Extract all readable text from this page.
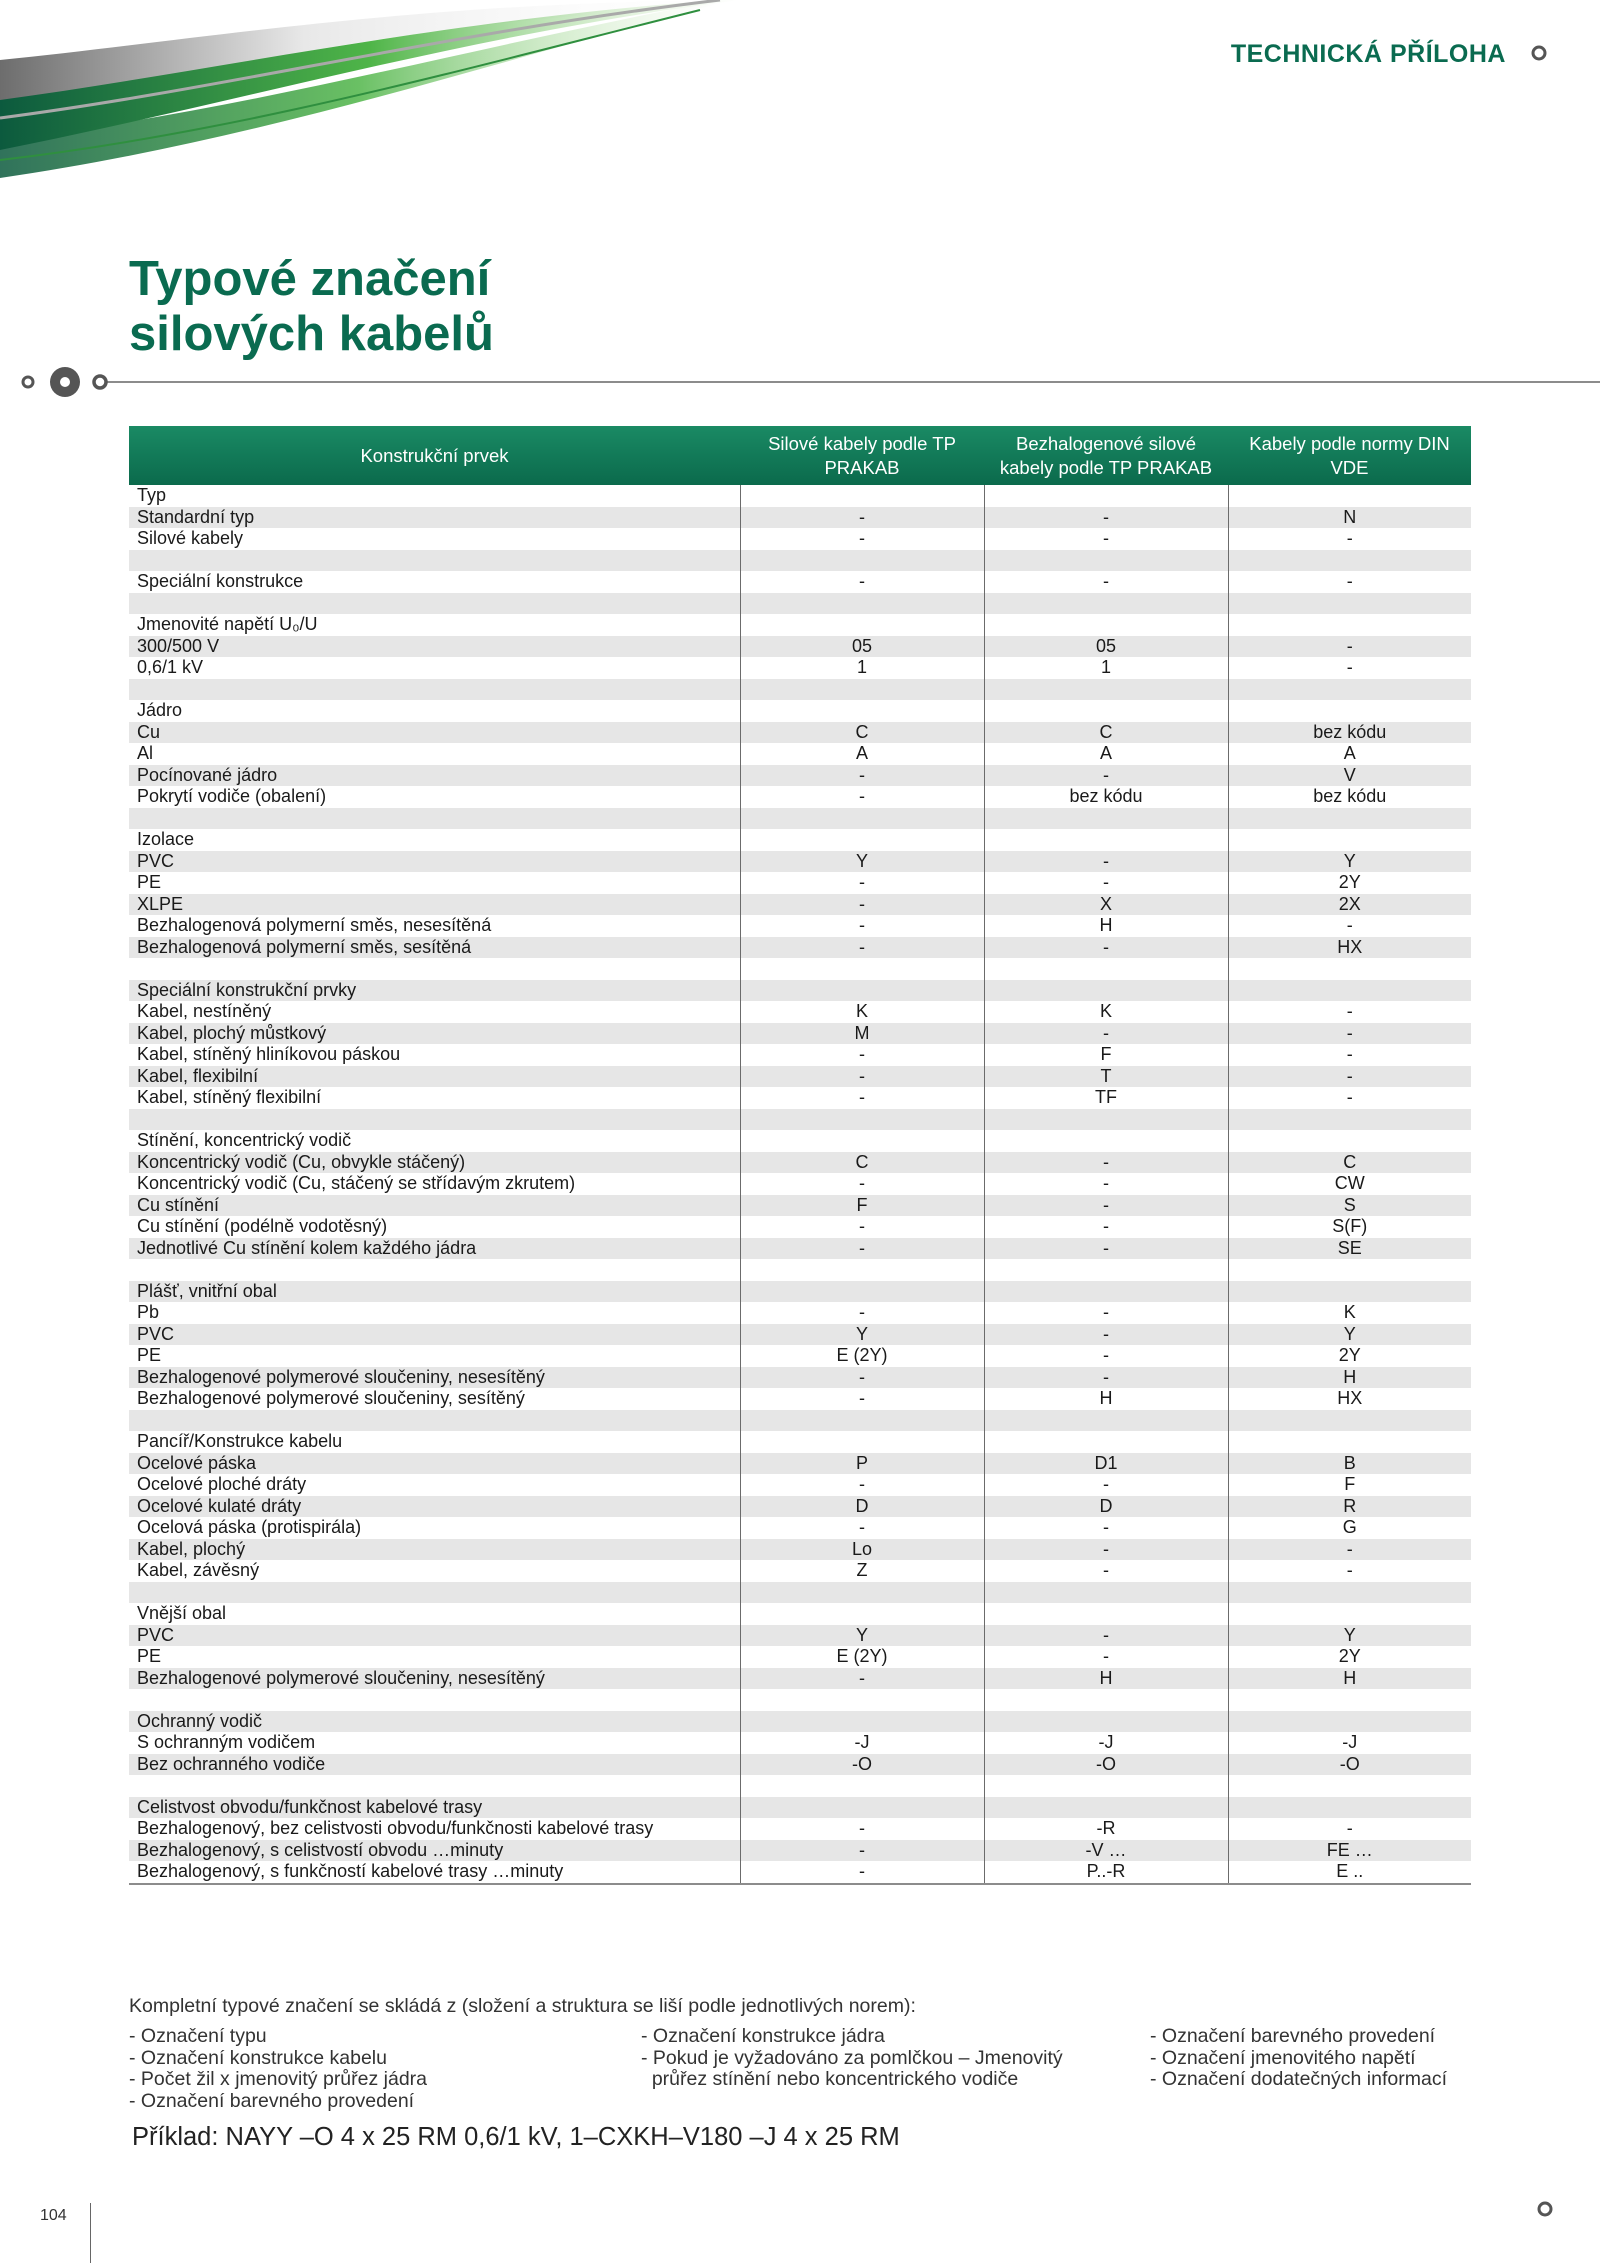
TECHNICKÁ PŘÍLOHA
Typové značení
silových kabelů
Konstrukční prvek	Silové kabely podle TP PRAKAB	Bezhalogenové silové kabely podle TP PRAKAB	Kabely podle normy DIN VDE
Typ			
Standardní typ	-	-	N
Silové kabely	-	-	-

Speciální konstrukce	-	-	-

Jmenovité napětí U₀/U			
300/500 V	05	05	-
0,6/1 kV	1	1	-

Jádro			
Cu	C	C	bez kódu
Al	A	A	A
Pocínované jádro	-	-	V
Pokrytí vodiče (obalení)	-	bez kódu	bez kódu

Izolace			
PVC	Y	-	Y
PE	-	-	2Y
XLPE	-	X	2X
Bezhalogenová polymerní směs, nesesítěná	-	H	-
Bezhalogenová polymerní směs, sesítěná	-	-	HX

Speciální konstrukční prvky			
Kabel, nestíněný	K	K	-
Kabel, plochý můstkový	M	-	-
Kabel, stíněný hliníkovou páskou	-	F	-
Kabel, flexibilní	-	T	-
Kabel, stíněný flexibilní	-	TF	-

Stínění, koncentrický vodič			
Koncentrický vodič (Cu, obvykle stáčený)	C	-	C
Koncentrický vodič (Cu, stáčený se střídavým zkrutem)	-	-	CW
Cu stínění	F	-	S
Cu stínění (podélně vodotěsný)	-	-	S(F)
Jednotlivé Cu stínění kolem každého jádra	-	-	SE

Plášť, vnitřní obal			
Pb	-	-	K
PVC	Y	-	Y
PE	E (2Y)	-	2Y
Bezhalogenové polymerové sloučeniny, nesesítěný	-	-	H
Bezhalogenové polymerové sloučeniny, sesítěný	-	H	HX

Pancíř/Konstrukce kabelu			
Ocelové páska	P	D1	B
Ocelové ploché dráty	-	-	F
Ocelové kulaté dráty	D	D	R
Ocelová páska (protispirála)	-	-	G
Kabel, plochý	Lo	-	-
Kabel, závěsný	Z	-	-

Vnější obal			
PVC	Y	-	Y
PE	E (2Y)	-	2Y
Bezhalogenové polymerové sloučeniny, nesesítěný	-	H	H

Ochranný vodič			
S ochranným vodičem	-J	-J	-J
Bez ochranného vodiče	-O	-O	-O

Celistvost obvodu/funkčnost kabelové trasy			
Bezhalogenový, bez celistvosti obvodu/funkčnosti kabelové trasy	-	-R	-
Bezhalogenový, s celistvostí obvodu …minuty	-	-V …	FE …
Bezhalogenový, s funkčností kabelové trasy …minuty	-	P..-R	E ..
Kompletní typové značení se skládá z (složení a struktura se liší podle jednotlivých norem):
- Označení typu
- Označení konstrukce kabelu
- Počet žil x jmenovitý průřez jádra
- Označení barevného provedení
- Označení konstrukce jádra
- Pokud je vyžadováno za pomlčkou – Jmenovitý
průřez stínění nebo koncentrického vodiče
- Označení barevného provedení
- Označení jmenovitého napětí
- Označení dodatečných informací
Příklad: NAYY –O 4 x 25 RM 0,6/1 kV, 1–CXKH–V180 –J 4 x 25 RM
104
